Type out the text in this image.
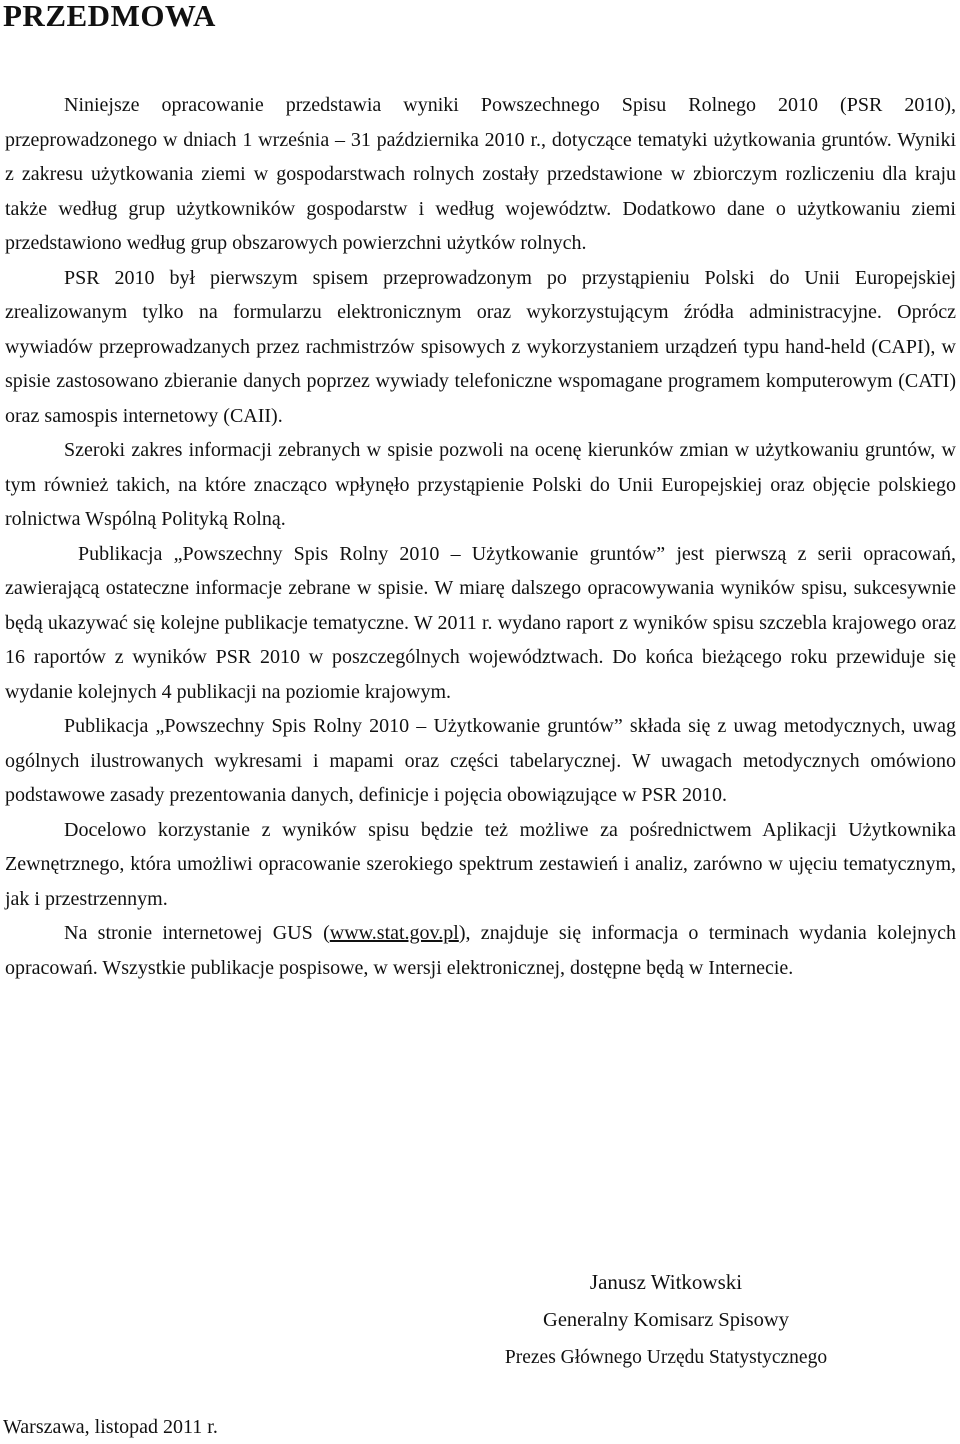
PRZEDMOWA

Niniejsze opracowanie przedstawia wyniki Powszechnego Spisu Rolnego 2010 (PSR 2010), przeprowadzonego w dniach 1 września – 31 października 2010 r., dotyczące tematyki użytkowania gruntów. Wyniki z zakresu użytkowania ziemi w gospodarstwach rolnych zostały przedstawione w zbiorczym rozliczeniu dla kraju także według grup użytkowników gospodarstw i według województw. Dodatkowo dane o użytkowaniu ziemi przedstawiono według grup obszarowych powierzchni użytków rolnych.

PSR 2010 był pierwszym spisem przeprowadzonym po przystąpieniu Polski do Unii Europejskiej zrealizowanym tylko na formularzu elektronicznym oraz wykorzystującym źródła administracyjne. Oprócz wywiadów przeprowadzanych przez rachmistrzów spisowych z wykorzystaniem urządzeń typu hand-held (CAPI), w spisie zastosowano zbieranie danych poprzez wywiady telefoniczne wspomagane programem komputerowym (CATI) oraz samospis internetowy (CAII).

Szeroki zakres informacji zebranych w spisie pozwoli na ocenę kierunków zmian w użytkowaniu gruntów, w tym również takich, na które znacząco wpłynęło przystąpienie Polski do Unii Europejskiej oraz objęcie polskiego rolnictwa Wspólną Polityką Rolną.

Publikacja „Powszechny Spis Rolny 2010 – Użytkowanie gruntów” jest pierwszą z serii opracowań, zawierającą ostateczne informacje zebrane w spisie. W miarę dalszego opracowywania wyników spisu, sukcesywnie będą ukazywać się kolejne publikacje tematyczne. W 2011 r. wydano raport z wyników spisu szczebla krajowego oraz 16 raportów z wyników PSR 2010 w poszczególnych województwach. Do końca bieżącego roku przewiduje się wydanie kolejnych 4 publikacji na poziomie krajowym.

Publikacja „Powszechny Spis Rolny 2010 – Użytkowanie gruntów” składa się z uwag metodycznych, uwag ogólnych ilustrowanych wykresami i mapami oraz części tabelarycznej. W uwagach metodycznych omówiono podstawowe zasady prezentowania danych, definicje i pojęcia obowiązujące w PSR 2010.

Docelowo korzystanie z wyników spisu będzie też możliwe za pośrednictwem Aplikacji Użytkownika Zewnętrznego, która umożliwi opracowanie szerokiego spektrum zestawień i analiz, zarówno w ujęciu tematycznym, jak i przestrzennym.

Na stronie internetowej GUS (www.stat.gov.pl), znajduje się informacja o terminach wydania kolejnych opracowań. Wszystkie publikacje pospisowe, w wersji elektronicznej, dostępne będą w Internecie.

Janusz Witkowski
Generalny Komisarz Spisowy
Prezes Głównego Urzędu Statystycznego
Warszawa, listopad 2011 r.
